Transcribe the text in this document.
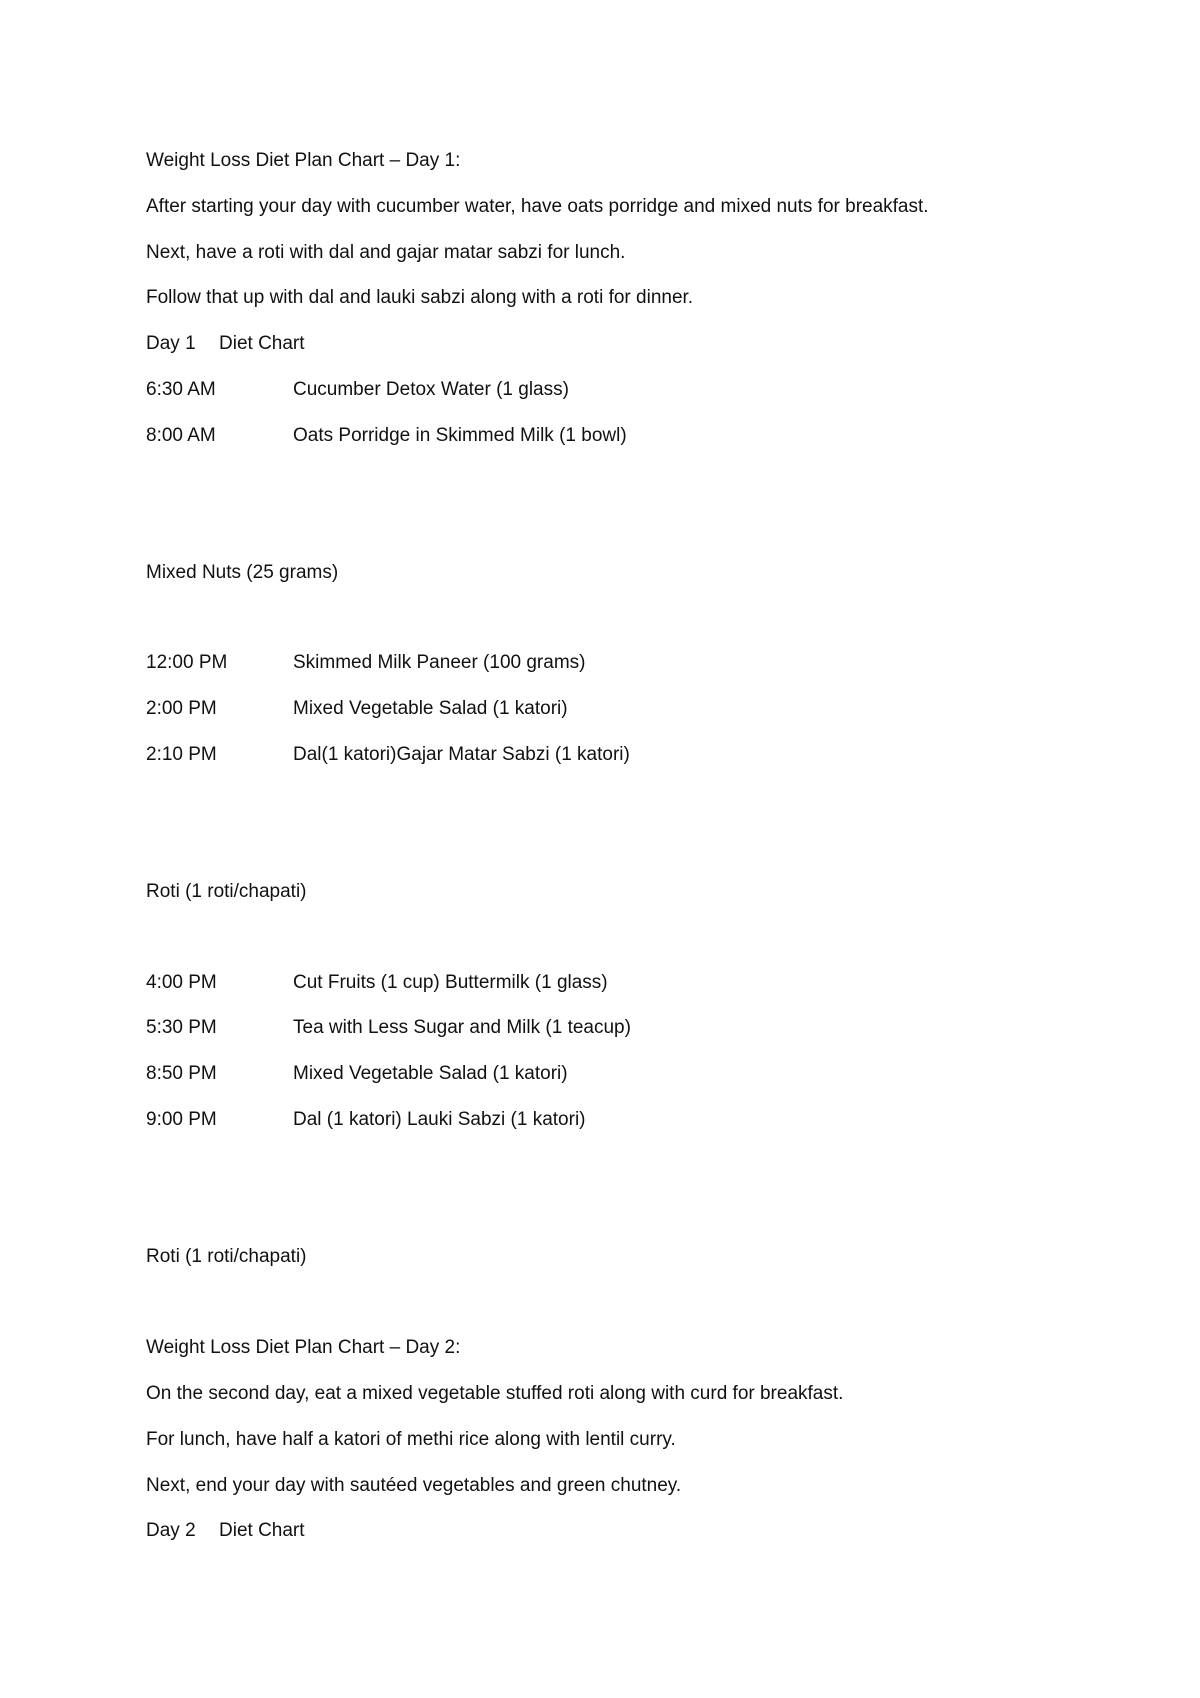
Weight Loss Diet Plan Chart – Day 1:
After starting your day with cucumber water, have oats porridge and mixed nuts for breakfast.
Next, have a roti with dal and gajar matar sabzi for lunch.
Follow that up with dal and lauki sabzi along with a roti for dinner.
Day 1 Diet Chart
6:30 AM	Cucumber Detox Water (1 glass)
8:00 AM	Oats Porridge in Skimmed Milk (1 bowl)
Mixed Nuts (25 grams)
12:00 PM	Skimmed Milk Paneer (100 grams)
2:00 PM	Mixed Vegetable Salad (1 katori)
2:10 PM	Dal(1 katori)Gajar Matar Sabzi (1 katori)
Roti (1 roti/chapati)
4:00 PM	Cut Fruits (1 cup) Buttermilk (1 glass)
5:30 PM	Tea with Less Sugar and Milk (1 teacup)
8:50 PM	Mixed Vegetable Salad (1 katori)
9:00 PM	Dal (1 katori) Lauki Sabzi (1 katori)
Roti (1 roti/chapati)
Weight Loss Diet Plan Chart – Day 2:
On the second day, eat a mixed vegetable stuffed roti along with curd for breakfast.
For lunch, have half a katori of methi rice along with lentil curry.
Next, end your day with sautéed vegetables and green chutney.
Day 2 Diet Chart
